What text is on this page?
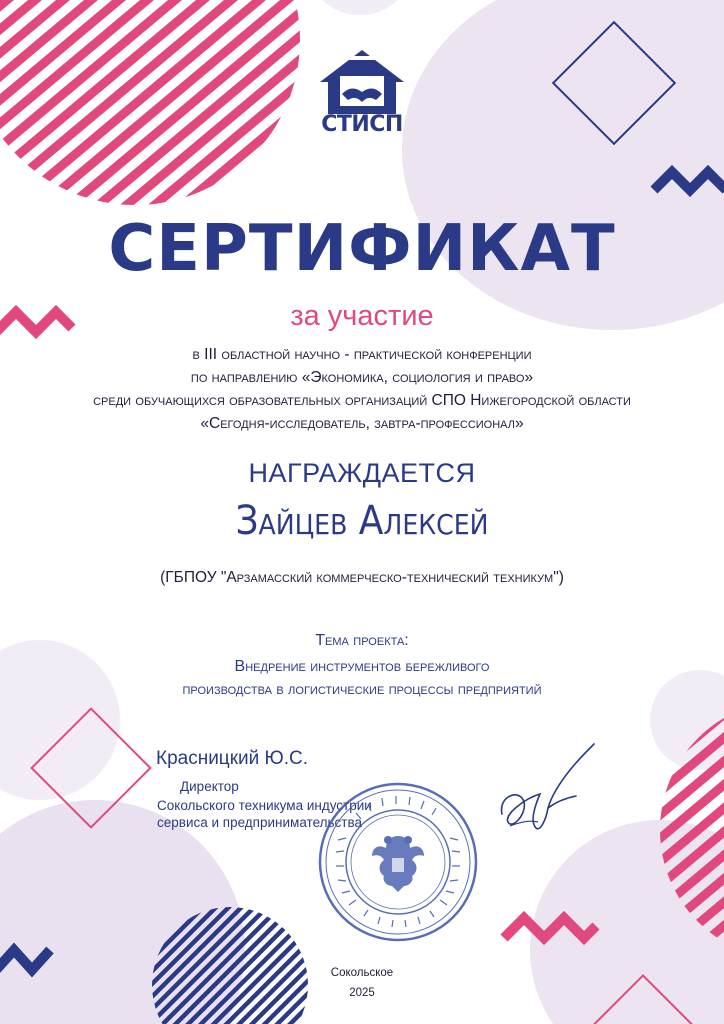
СТИСП
СЕРТИФИКАТ
за участие
в III областной научно - практической конференции
по направлению «Экономика, социология и право»
среди обучающихся образовательных организаций СПО Нижегородской области
«Сегодня-исследователь, завтра-профессионал»
НАГРАЖДАЕТСЯ
Зайцев Алексей
(ГБПОУ "Арзамасский коммерческо-технический техникум")
Тема проекта:
Внедрение инструментов бережливого
производства в логистические процессы предприятий
Красницкий Ю.С.
Директор
Сокольского техникума индустрии
сервиса и предпринимательства
Сокольское
2025
